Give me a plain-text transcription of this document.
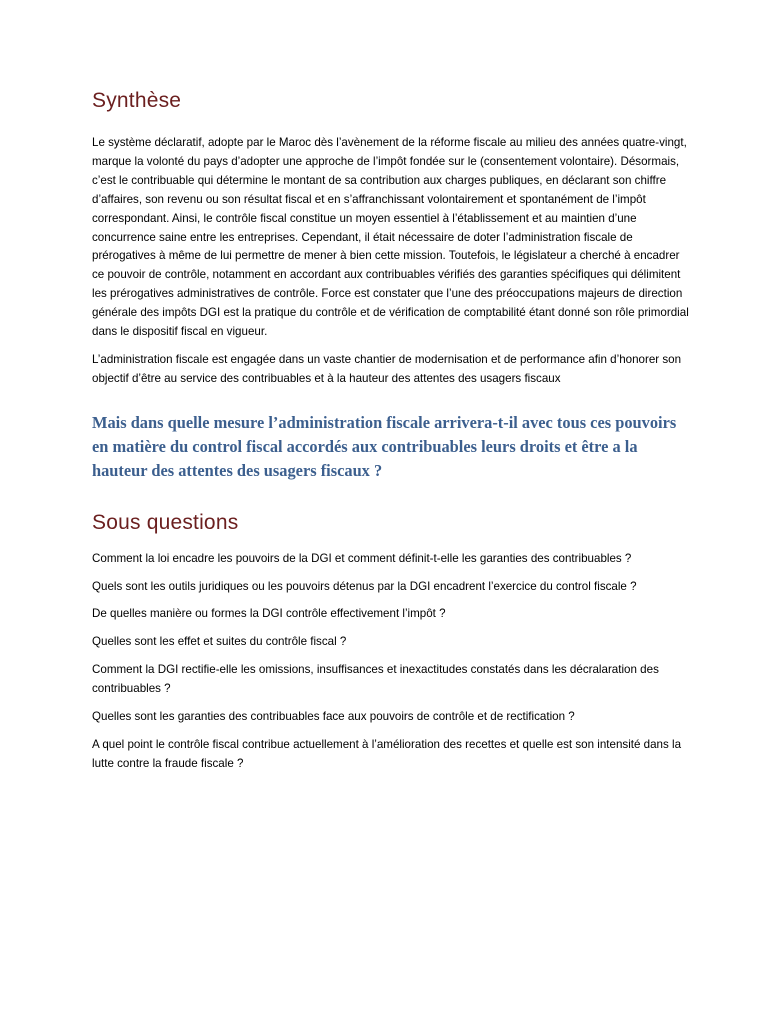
Synthèse

Le système déclaratif, adopte par le Maroc dès l’avènement de la réforme fiscale au milieu des années quatre-vingt, marque la volonté du pays d’adopter une approche de l’impôt fondée sur le (consentement volontaire). Désormais, c’est le contribuable qui détermine le montant de sa contribution aux charges publiques, en déclarant son chiffre d’affaires, son revenu ou son résultat fiscal et en s’affranchissant volontairement et spontanément de l’impôt correspondant. Ainsi, le contrôle fiscal constitue un moyen essentiel à l’établissement et au maintien d’une concurrence saine entre les entreprises. Cependant, il était nécessaire de doter l’administration fiscale de prérogatives à même de lui permettre de mener à bien cette mission. Toutefois, le législateur a cherché à encadrer ce pouvoir de contrôle, notamment en accordant aux contribuables vérifiés des garanties spécifiques qui délimitent les prérogatives administratives de contrôle. Force est constater que l’une des préoccupations majeurs de direction générale des impôts DGI est la pratique du contrôle et de vérification de comptabilité étant donné son rôle primordial dans le dispositif fiscal en vigueur.

L’administration fiscale est engagée dans un vaste chantier de modernisation et de performance afin d’honorer son objectif d’être au service des contribuables et à la hauteur des attentes des usagers fiscaux

Mais dans quelle mesure l’administration fiscale arrivera-t-il avec tous ces pouvoirs en matière du control fiscal accordés aux contribuables leurs droits et être a la hauteur des attentes des usagers fiscaux ?

Sous questions

Comment la loi encadre les pouvoirs de la DGI et comment définit-t-elle les garanties des contribuables ?

Quels sont les outils juridiques ou les pouvoirs détenus par la DGI encadrent l’exercice du control fiscale ?

De quelles manière ou formes la DGI contrôle effectivement l’impôt ?

Quelles sont les effet et suites du contrôle fiscal ?

Comment la DGI rectifie-elle les omissions, insuffisances et inexactitudes constatés dans les décralaration des contribuables ?

Quelles sont les garanties des contribuables face aux pouvoirs de contrôle et de rectification ?

A quel point le contrôle fiscal contribue actuellement à l’amélioration des recettes et quelle est son intensité dans la lutte contre la fraude fiscale ?
